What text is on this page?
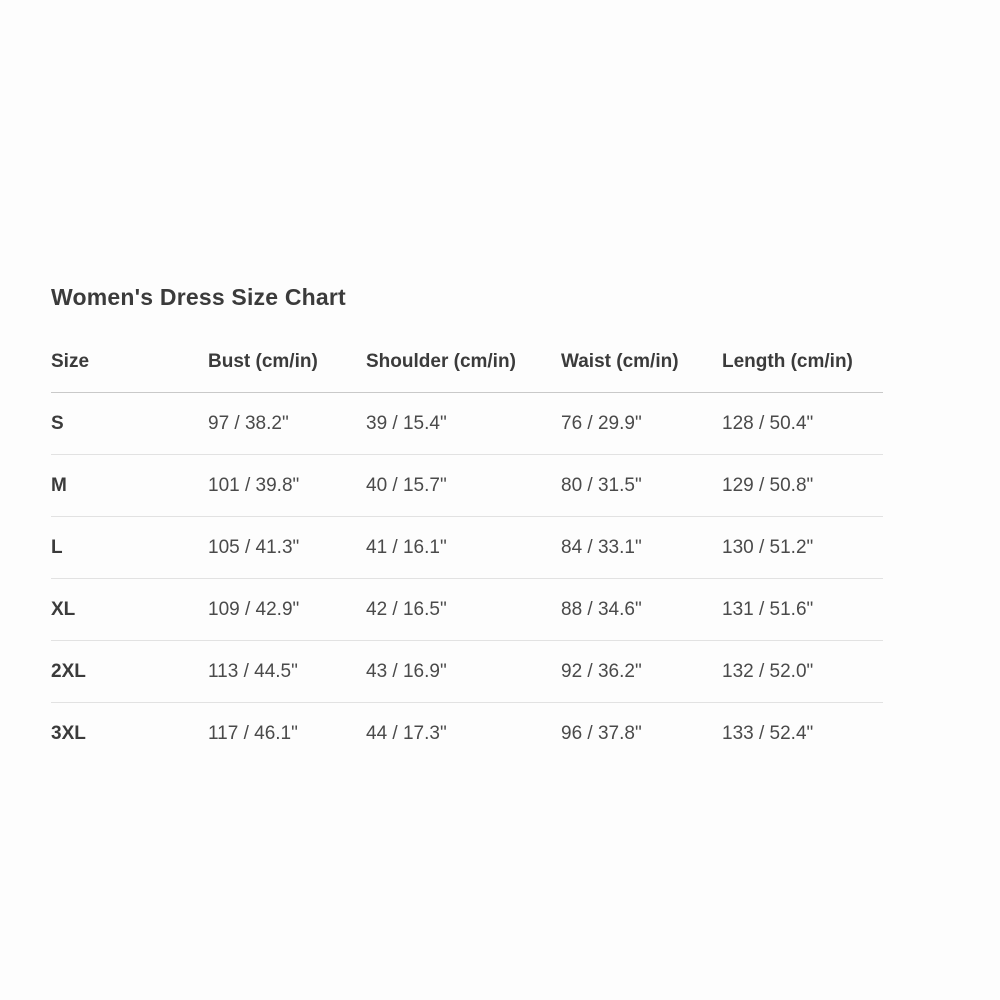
Women's Dress Size Chart
Size	Bust (cm/in)	Shoulder (cm/in)	Waist (cm/in)	Length (cm/in)
S	97 / 38.2"	39 / 15.4"	76 / 29.9"	128 / 50.4"
M	101 / 39.8"	40 / 15.7"	80 / 31.5"	129 / 50.8"
L	105 / 41.3"	41 / 16.1"	84 / 33.1"	130 / 51.2"
XL	109 / 42.9"	42 / 16.5"	88 / 34.6"	131 / 51.6"
2XL	113 / 44.5"	43 / 16.9"	92 / 36.2"	132 / 52.0"
3XL	117 / 46.1"	44 / 17.3"	96 / 37.8"	133 / 52.4"
